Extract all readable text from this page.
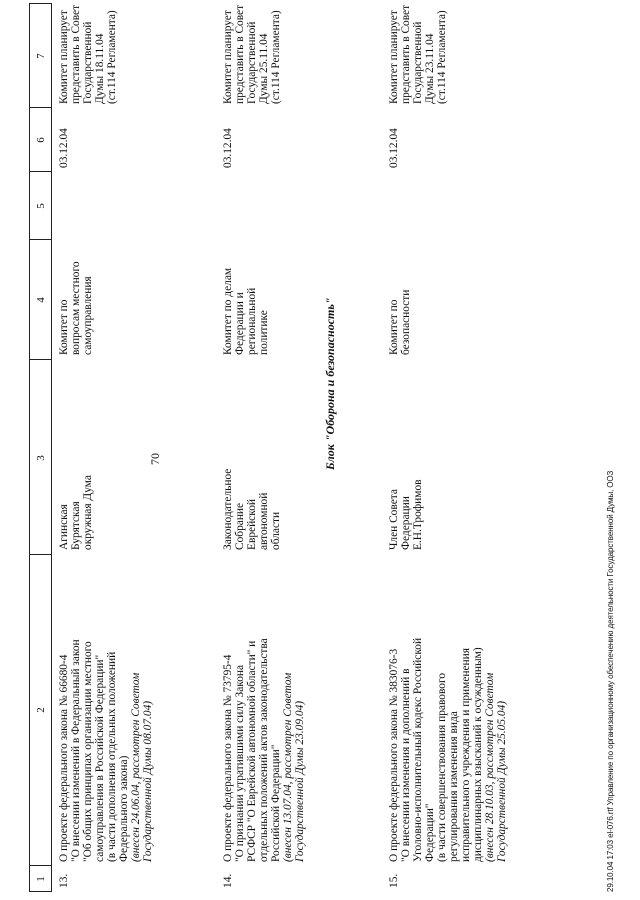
70
1
2
3
4
5
6
7
13.
О проекте федерального закона № 66680-4 "О внесении изменений в Федеральный закон "Об общих принципах организации местного самоуправления в Российской Федерации" (в части дополнения отдельных положений Федерального закона) (внесен 24.06.04, рассмотрен Советом Государственной Думы 08.07.04)
Агинская Бурятская окружная Дума
Комитет по вопросам местного самоуправления
03.12.04
Комитет планирует представить в Совет Государственной Думы 18.11.04 (ст.114 Регламента)
14.
О проекте федерального закона № 73795-4 "О признании утратившими силу Закона РСФСР "О Еврейской автономной области" и отдельных положений актов законодательства Российской Федерации" (внесен 13.07.04, рассмотрен Советом Государственной Думы 23.09.04)
Законодательное Собрание Еврейской автономной области
Комитет по делам Федерации и региональной политике
03.12.04
Комитет планирует представить в Совет Государственной Думы 25.11.04 (ст.114 Регламента)
Блок "Оборона и безопасность"
15.
О проекте федерального закона № 383076-3 "О внесении изменения и дополнений в Уголовно-исполнительный кодекс Российской Федерации" (в части совершенствования правового регулирования изменения вида исправительного учреждения и применения дисциплинарных взысканий к осужденным) (внесен 28.10.03, рассмотрен Советом Государственной Думы 25.05.04)
Член Совета Федерации Е.Н.Трофимов
Комитет по безопасности
03.12.04
Комитет планирует представить в Совет Государственной Думы 23.11.04 (ст.114 Регламента)
29.10.04 17:03 el-076.rtf Управление по организационному обеспечению деятельности Государственной Думы, ООЗ
